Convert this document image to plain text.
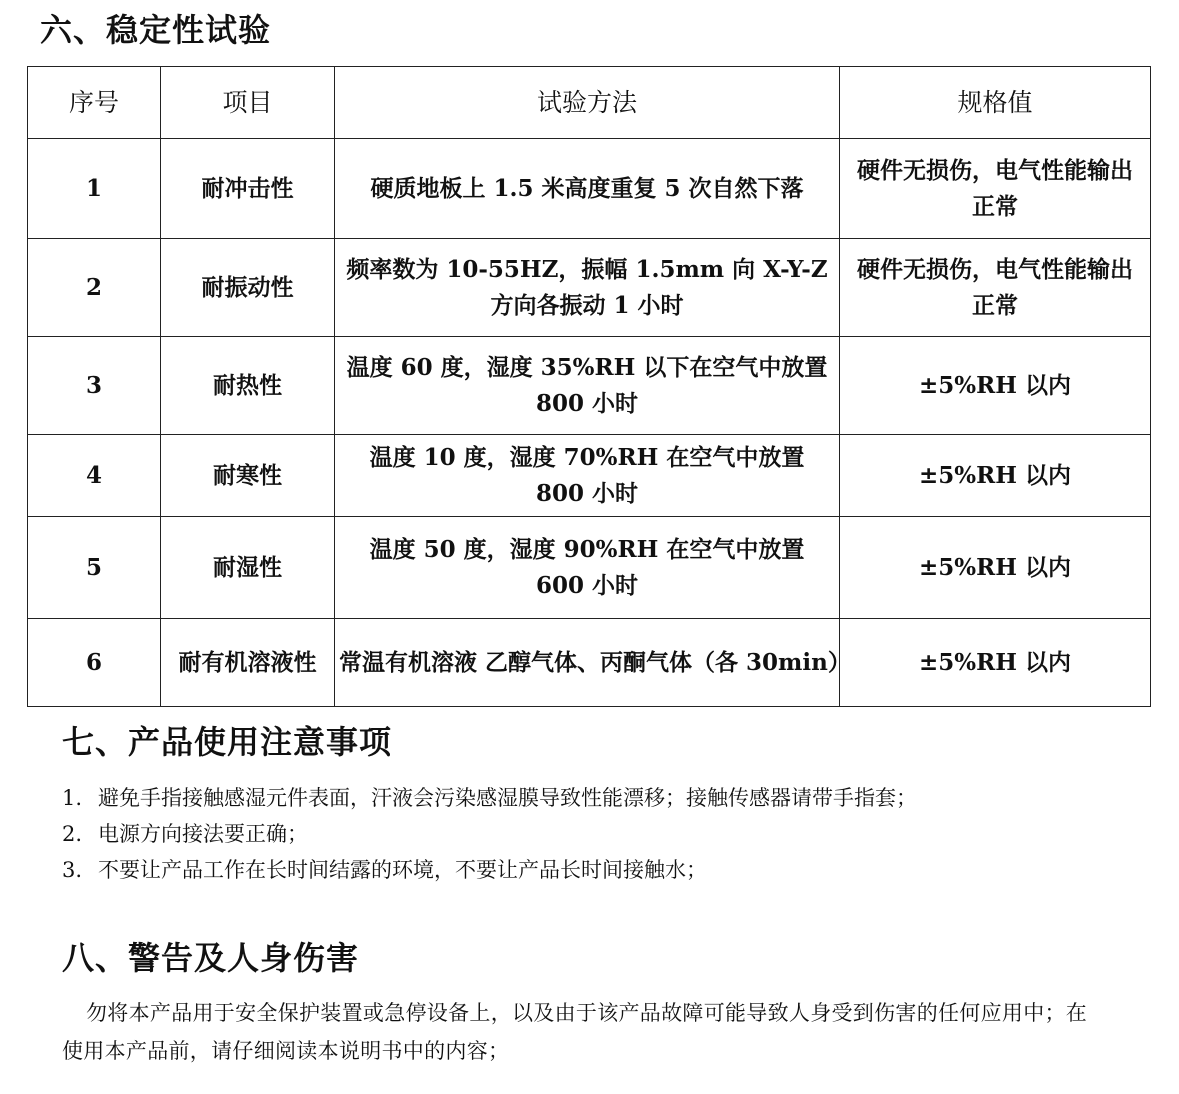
六、稳定性试验
序号	项目	试验方法	规格值
1	耐冲击性	硬质地板上 1.5 米高度重复 5 次自然下落	硬件无损伤，电气性能输出正常
2	耐振动性	频率数为 10-55HZ，振幅 1.5mm 向 X-Y-Z 方向各振动 1 小时	硬件无损伤，电气性能输出正常
3	耐热性	温度 60 度，湿度 35%RH 以下在空气中放置 800 小时	±5%RH 以内
4	耐寒性	温度 10 度，湿度 70%RH 在空气中放置 800 小时	±5%RH 以内
5	耐湿性	温度 50 度，湿度 90%RH 在空气中放置 600 小时	±5%RH 以内
6	耐有机溶液性	常温有机溶液 乙醇气体、丙酮气体（各 30min）	±5%RH 以内
七、产品使用注意事项
1. 避免手指接触感湿元件表面，汗液会污染感湿膜导致性能漂移；接触传感器请带手指套；
2. 电源方向接法要正确；
3. 不要让产品工作在长时间结露的环境，不要让产品长时间接触水；
八、警告及人身伤害

勿将本产品用于安全保护装置或急停设备上，以及由于该产品故障可能导致人身受到伤害的任何应用中；在使用本产品前，请仔细阅读本说明书中的内容；
